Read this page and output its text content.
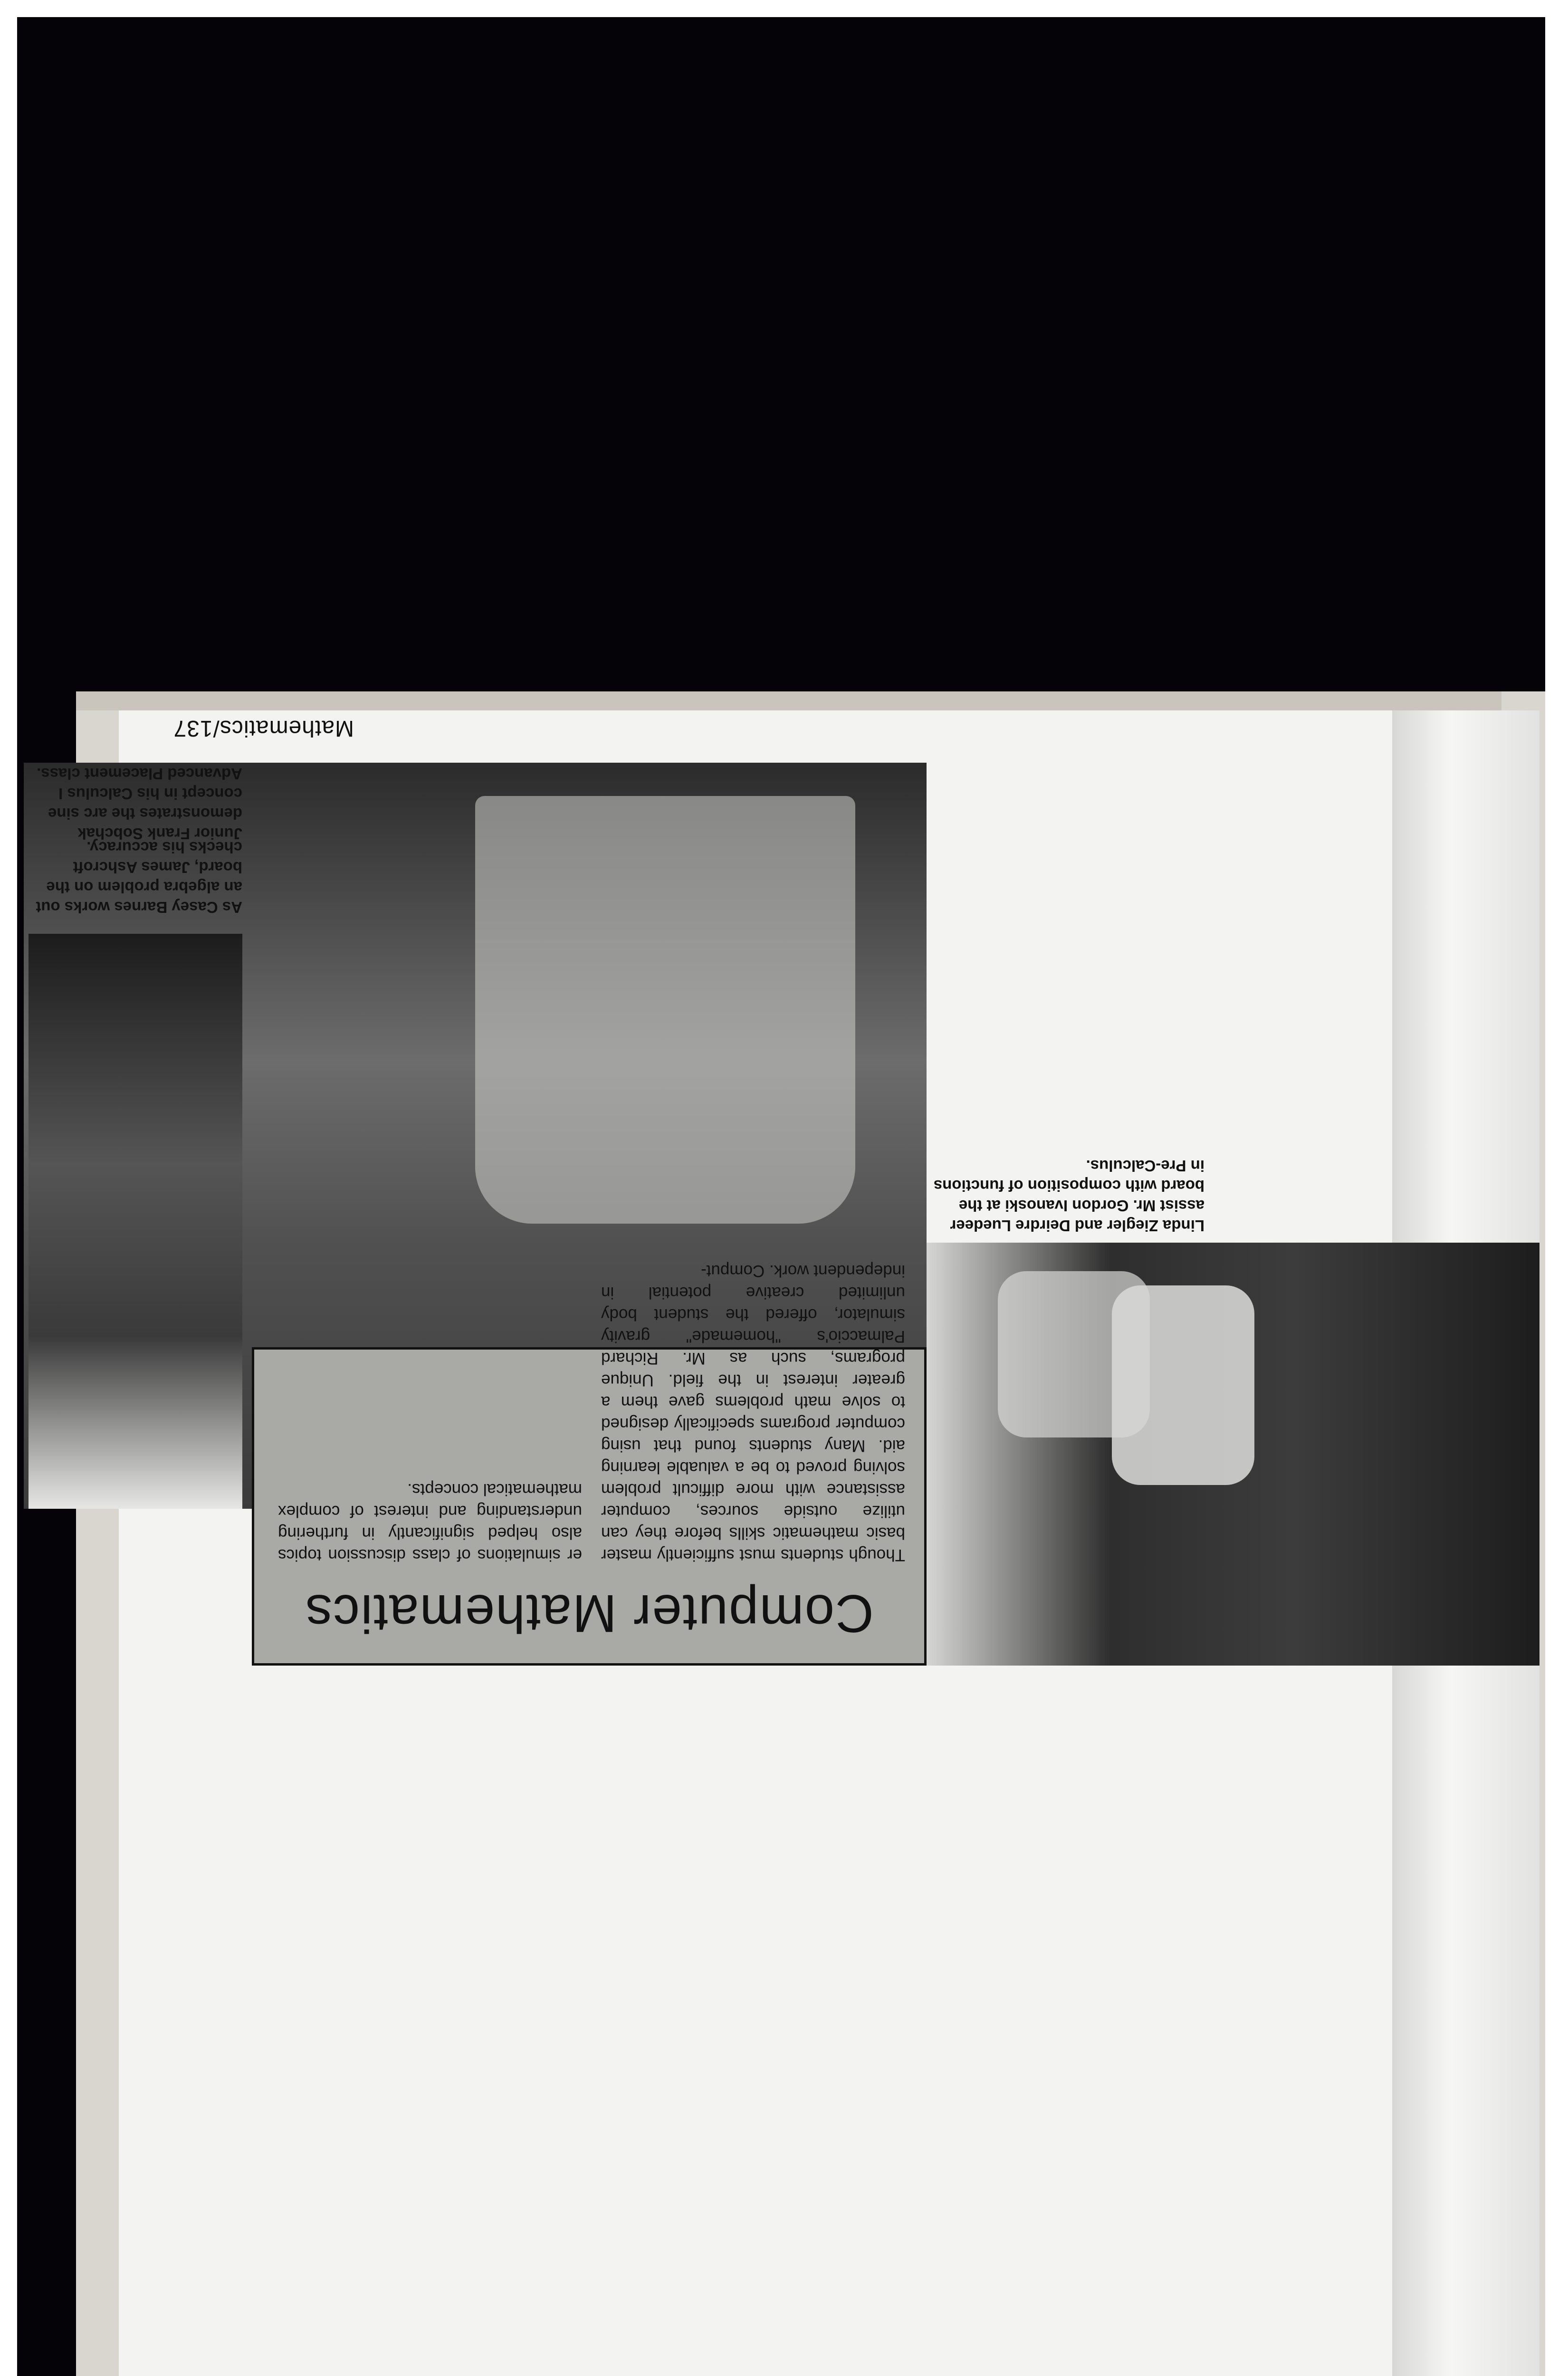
Mathematics/137
Computer Mathematics
Though students must sufficiently master basic mathematic skills before they can utilize outside sources, computer assistance with more difficult problem solving proved to be a valuable learning aid. Many students found that using computer programs specifically designed to solve math problems gave them a greater interest in the field. Unique programs, such as Mr. Richard Palmaccio's "homemade" gravity simulator, offered the student body unlimited creative potential in independent work. Comput-
er simulations of class discussion topics also helped significantly in furthering understanding and interest of complex mathematical concepts.
Linda Ziegler and Deirdre Luedeer assist Mr. Gordon Ivanoski at the board with composition of functions in Pre-Calculus.
As Casey Barnes works out an algebra problem on the board, James Ashcroft checks his accuracy.
Junior Frank Sobchak demonstrates the arc sine concept in his Calculus I Advanced Placement class.
